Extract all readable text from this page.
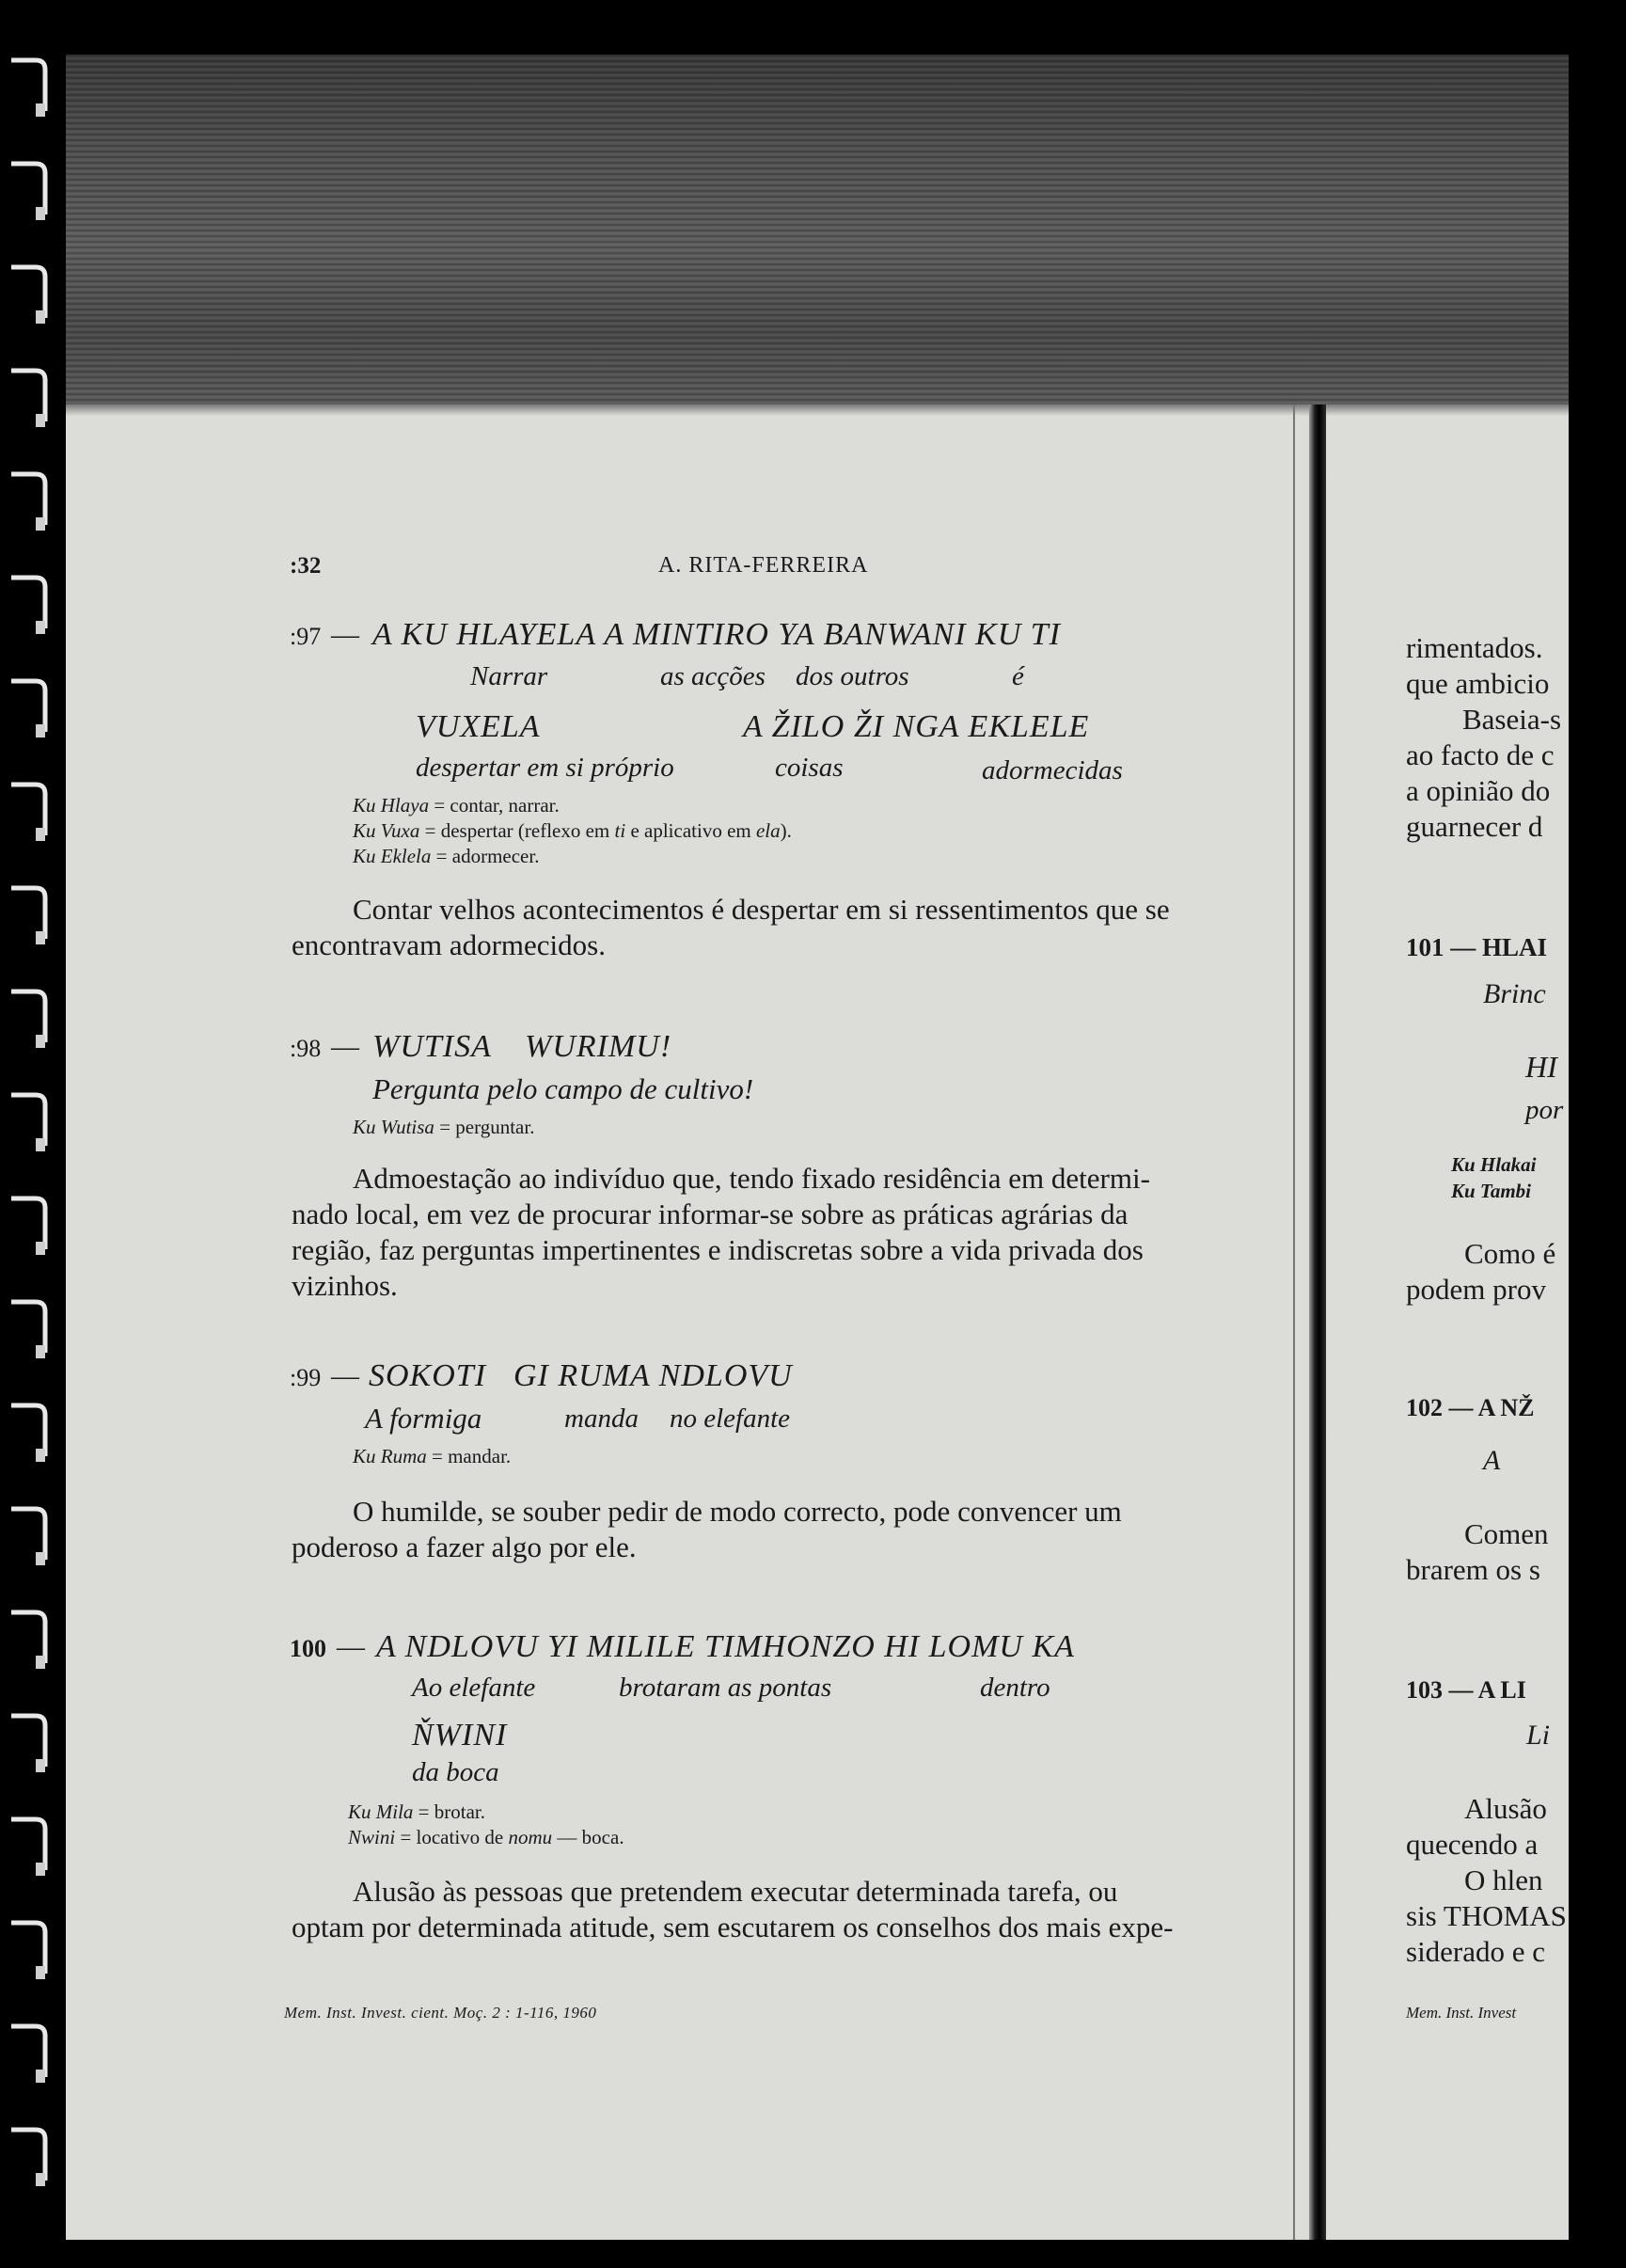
:32	A. RITA-FERREIRA
:97 — A KU HLAYELA A MINTIRO YA BANWANI KU TI
Narrar	as acções dos outros	é
VUXELA	A ŽILO ŽI NGA EKLELE
despertar em si próprio	coisas	adormecidas
Ku Hlaya = contar, narrar.
Ku Vuxa = despertar (reflexo em ti e aplicativo em ela).
Ku Eklela = adormecer.
Contar velhos acontecimentos é despertar em si ressentimentos que se
encontravam adormecidos.
:98 — WUTISA WURIMU!
Pergunta pelo campo de cultivo!
Ku Wutisa = perguntar.
Admoestação ao indivíduo que, tendo fixado residência em determi-
nado local, em vez de procurar informar-se sobre as práticas agrárias da
região, faz perguntas impertinentes e indiscretas sobre a vida privada dos
vizinhos.
:99 — SOKOTI GI RUMA NDLOVU
A formiga	manda no elefante
Ku Ruma = mandar.
O humilde, se souber pedir de modo correcto, pode convencer um
poderoso a fazer algo por ele.
100 — A NDLOVU YI MILILE TIMHONZO HI LOMU KA
Ao elefante	brotaram as pontas	dentro
ŇWINI
da boca
Ku Mila = brotar.
Nwini = locativo de nomu — boca.
Alusão às pessoas que pretendem executar determinada tarefa, ou
optam por determinada atitude, sem escutarem os conselhos dos mais expe-
Mem. Inst. Invest. cient. Moç. 2 : 1-116, 1960
rimentados.
que ambicio
Baseia-s
ao facto de c
a opinião do
guarnecer d
101 — HLAI
Brinc
HI
por
Ku Hlakai
Ku Tambi
Como é
podem prov
102 — A NŽ
A
Comen
brarem os s
103 — A LI
Li
Alusão
quecendo a
O hlen
sis THOMAS
siderado e c
Mem. Inst. Invest
